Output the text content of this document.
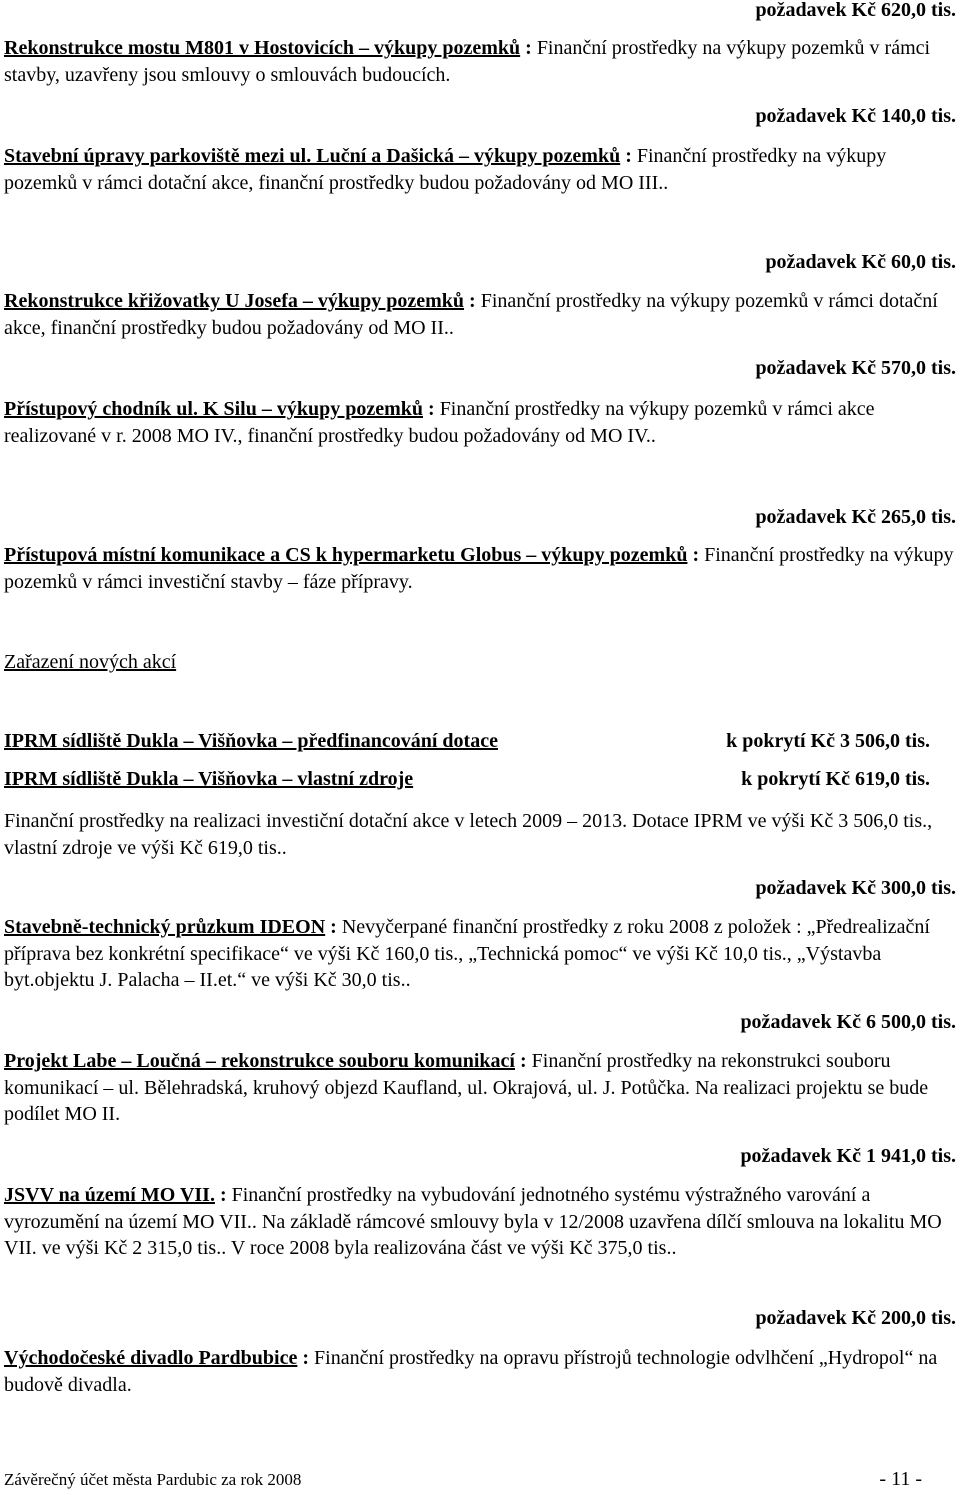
požadavek Kč 620,0 tis.
Rekonstrukce mostu M801 v Hostovicích – výkupy pozemků : Finanční prostředky na výkupy pozemků v rámci stavby, uzavřeny jsou smlouvy o smlouvách budoucích.
požadavek Kč 140,0 tis.
Stavební úpravy parkoviště mezi ul. Luční a Dašická – výkupy pozemků : Finanční prostředky na výkupy pozemků v rámci dotační akce, finanční prostředky budou požadovány od MO III..
požadavek Kč 60,0 tis.
Rekonstrukce křižovatky U Josefa – výkupy pozemků : Finanční prostředky na výkupy pozemků v rámci dotační akce, finanční prostředky budou požadovány od MO II..
požadavek Kč 570,0 tis.
Přístupový chodník ul. K Silu – výkupy pozemků : Finanční prostředky na výkupy pozemků v rámci akce realizované v r. 2008 MO IV., finanční prostředky budou požadovány od MO IV..
požadavek Kč 265,0 tis.
Přístupová místní komunikace a CS k hypermarketu Globus – výkupy pozemků : Finanční prostředky na výkupy pozemků v rámci investiční stavby – fáze přípravy.
Zařazení nových akcí
IPRM sídliště Dukla – Višňovka – předfinancování dotace	k pokrytí Kč 3 506,0 tis.
IPRM sídliště Dukla – Višňovka – vlastní zdroje	k pokrytí Kč 619,0 tis.
Finanční prostředky na realizaci investiční dotační akce v letech 2009 – 2013. Dotace IPRM ve výši Kč 3 506,0 tis., vlastní zdroje ve výši Kč 619,0 tis..
požadavek Kč 300,0 tis.
Stavebně-technický průzkum IDEON : Nevyčerpané finanční prostředky z roku 2008 z položek : „Předrealizační příprava bez konkrétní specifikace“ ve výši Kč 160,0 tis., „Technická pomoc“ ve výši Kč 10,0 tis., „Výstavba byt.objektu J. Palacha – II.et.“ ve výši Kč 30,0 tis..
požadavek Kč 6 500,0 tis.
Projekt Labe – Loučná – rekonstrukce souboru komunikací : Finanční prostředky na rekonstrukci souboru komunikací – ul. Bělehradská, kruhový objezd Kaufland, ul. Okrajová, ul. J. Potůčka. Na realizaci projektu se bude podílet MO II.
požadavek Kč 1 941,0 tis.
JSVV na území MO VII. : Finanční prostředky na vybudování jednotného systému výstražného varování a vyrozumění na území MO VII.. Na základě rámcové smlouvy byla v 12/2008 uzavřena dílčí smlouva na lokalitu MO VII. ve výši Kč 2 315,0 tis.. V roce 2008 byla realizována část ve výši Kč 375,0 tis..
požadavek Kč 200,0 tis.
Východočeské divadlo Pardbubice : Finanční prostředky na opravu přístrojů technologie odvlhčení „Hydropol“ na budově divadla.
Závěrečný účet města Pardubic za rok 2008	- 11 -
